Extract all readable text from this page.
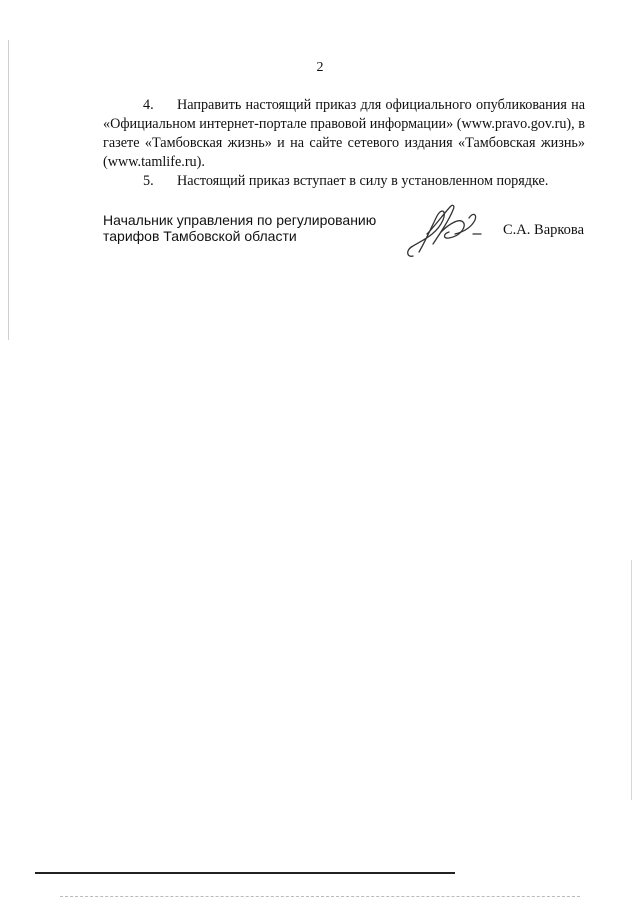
2

4. Направить настоящий приказ для официального опубликования на «Официальном интернет-портале правовой информации» (www.pravo.gov.ru), в газете «Тамбовская жизнь» и на сайте сетевого издания «Тамбовская жизнь» (www.tamlife.ru).

5. Настоящий приказ вступает в силу в установленном порядке.

Начальник управления по регулированию
тарифов Тамбовской области	С.А. Варкова
